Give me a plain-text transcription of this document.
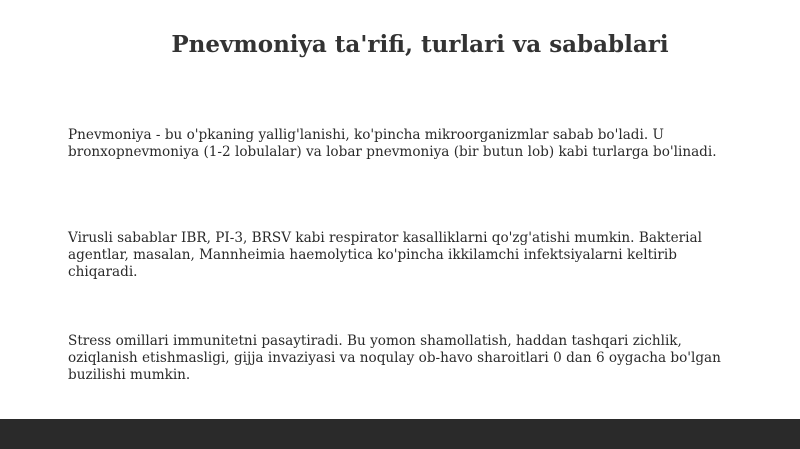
Pnevmoniya ta'rifi, turlari va sabablari

Pnevmoniya - bu o'pkaning yallig'lanishi, ko'pincha mikroorganizmlar sabab bo'ladi. U bronxopnevmoniya (1-2 lobulalar) va lobar pnevmoniya (bir butun lob) kabi turlarga bo'linadi.

Virusli sabablar IBR, PI-3, BRSV kabi respirator kasalliklarni qo'zg'atishi mumkin. Bakterial agentlar, masalan, Mannheimia haemolytica ko'pincha ikkilamchi infektsiyalarni keltirib chiqaradi.

Stress omillari immunitetni pasaytiradi. Bu yomon shamollatish, haddan tashqari zichlik, oziqlanish etishmasligi, gijja invaziyasi va noqulay ob-havo sharoitlari 0 dan 6 oygacha bo'lgan buzilishi mumkin.
